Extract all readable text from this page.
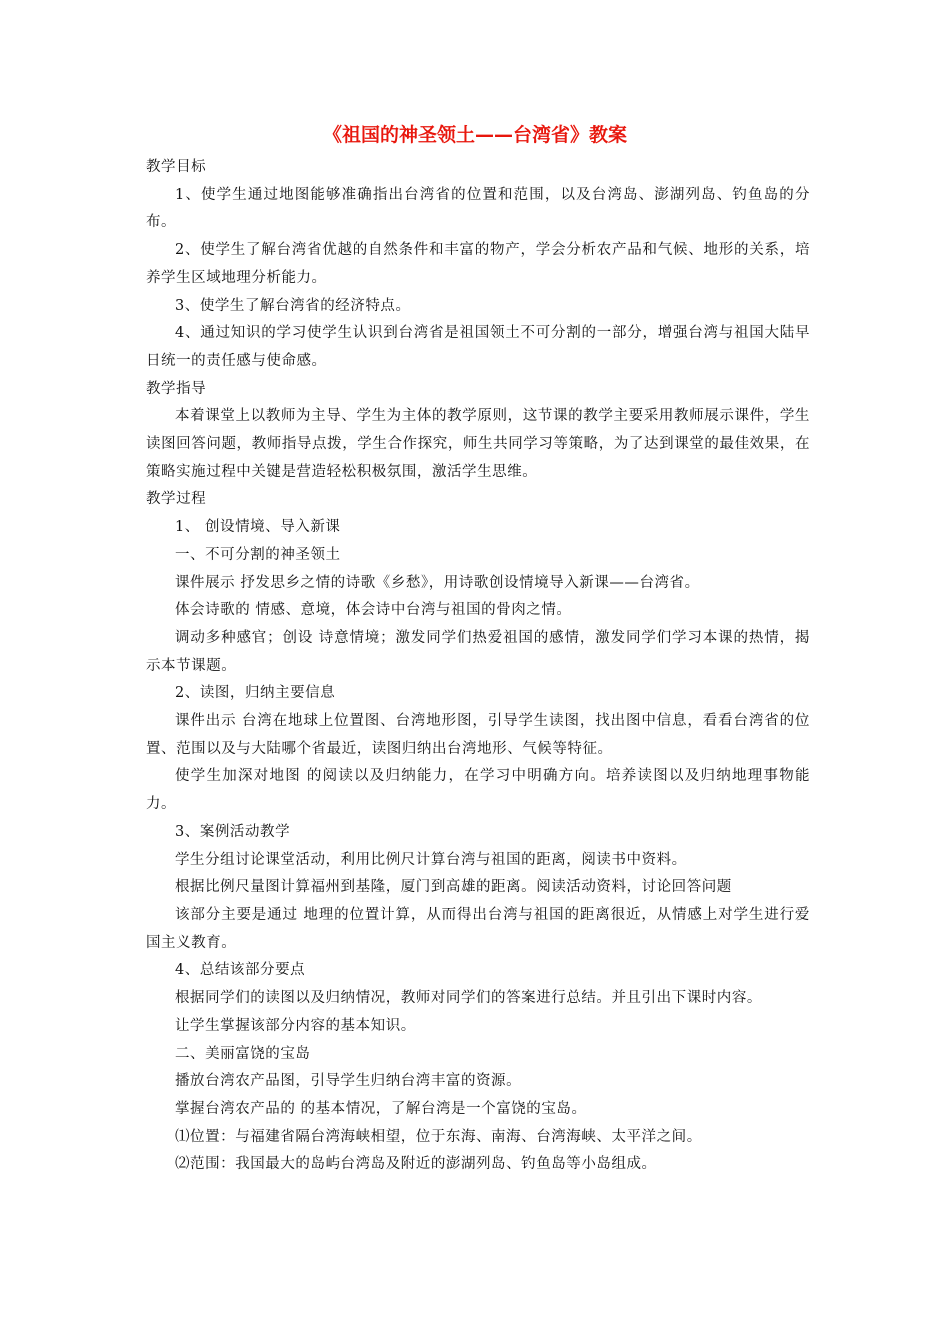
《祖国的神圣领土——台湾省》教案

教学目标

1、使学生通过地图能够准确指出台湾省的位置和范围，以及台湾岛、澎湖列岛、钓鱼岛的分布。

2、使学生了解台湾省优越的自然条件和丰富的物产，学会分析农产品和气候、地形的关系，培养学生区域地理分析能力。

3、使学生了解台湾省的经济特点。

4、通过知识的学习使学生认识到台湾省是祖国领土不可分割的一部分，增强台湾与祖国大陆早日统一的责任感与使命感。

教学指导

本着课堂上以教师为主导、学生为主体的教学原则，这节课的教学主要采用教师展示课件，学生读图回答问题，教师指导点拨，学生合作探究，师生共同学习等策略，为了达到课堂的最佳效果，在策略实施过程中关键是营造轻松积极氛围，激活学生思维。

教学过程

1、 创设情境、导入新课

一、不可分割的神圣领土

课件展示 抒发思乡之情的诗歌《乡愁》，用诗歌创设情境导入新课——台湾省。

体会诗歌的 情感、意境，体会诗中台湾与祖国的骨肉之情。

调动多种感官；创设 诗意情境；激发同学们热爱祖国的感情，激发同学们学习本课的热情，揭示本节课题。

2、读图，归纳主要信息

课件出示 台湾在地球上位置图、台湾地形图，引导学生读图，找出图中信息，看看台湾省的位置、范围以及与大陆哪个省最近，读图归纳出台湾地形、气候等特征。

使学生加深对地图 的阅读以及归纳能力，在学习中明确方向。培养读图以及归纳地理事物能力。

3、案例活动教学

学生分组讨论课堂活动，利用比例尺计算台湾与祖国的距离，阅读书中资料。

根据比例尺量图计算福州到基隆，厦门到高雄的距离。阅读活动资料，讨论回答问题

该部分主要是通过 地理的位置计算，从而得出台湾与祖国的距离很近，从情感上对学生进行爱国主义教育。

4、总结该部分要点

根据同学们的读图以及归纳情况，教师对同学们的答案进行总结。并且引出下课时内容。

让学生掌握该部分内容的基本知识。

二、美丽富饶的宝岛

播放台湾农产品图，引导学生归纳台湾丰富的资源。

掌握台湾农产品的 的基本情况，了解台湾是一个富饶的宝岛。

⑴位置：与福建省隔台湾海峡相望，位于东海、南海、台湾海峡、太平洋之间。

⑵范围：我国最大的岛屿台湾岛及附近的澎湖列岛、钓鱼岛等小岛组成。
